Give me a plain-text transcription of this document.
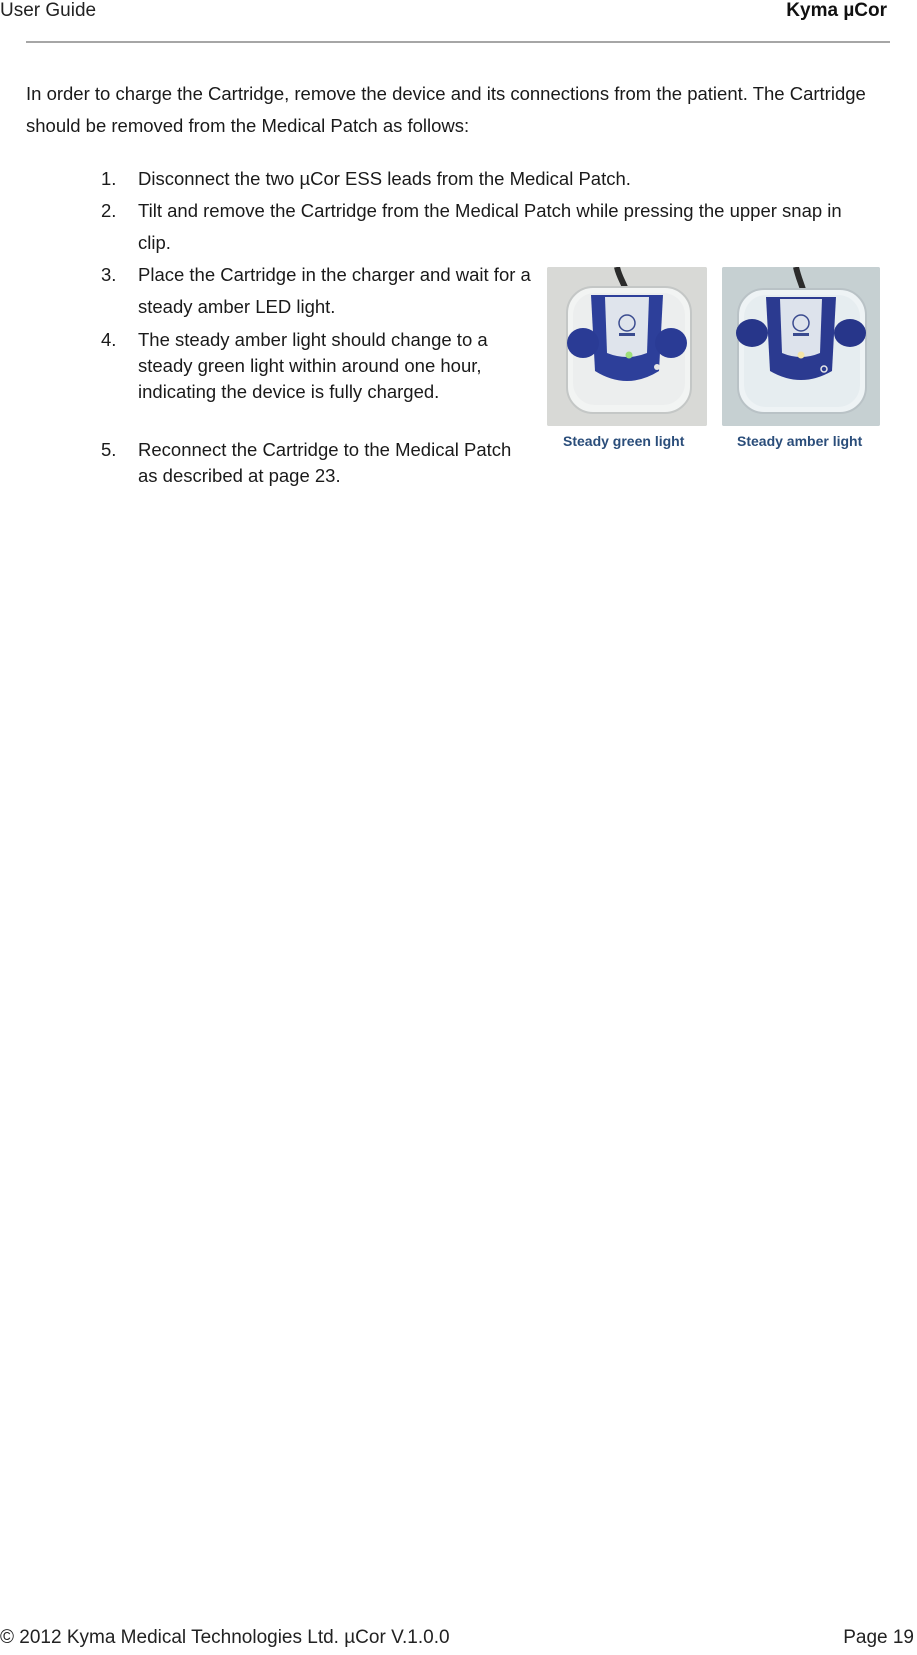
User Guide	Kyma µCor

In order to charge the Cartridge, remove the device and its connections from the patient. The Cartridge should be removed from the Medical Patch as follows:

1.	Disconnect the two µCor ESS leads from the Medical Patch.
2.	Tilt and remove the Cartridge from the Medical Patch while pressing the upper snap in clip.
3.	Place the Cartridge in the charger and wait for a steady amber LED light.
4.	The steady amber light should change to a steady green light within around one hour, indicating the device is fully charged.
5.	Reconnect the Cartridge to the Medical Patch as described at page 23.
Steady green light	Steady amber light
© 2012 Kyma Medical Technologies Ltd. µCor V.1.0.0	Page 19
